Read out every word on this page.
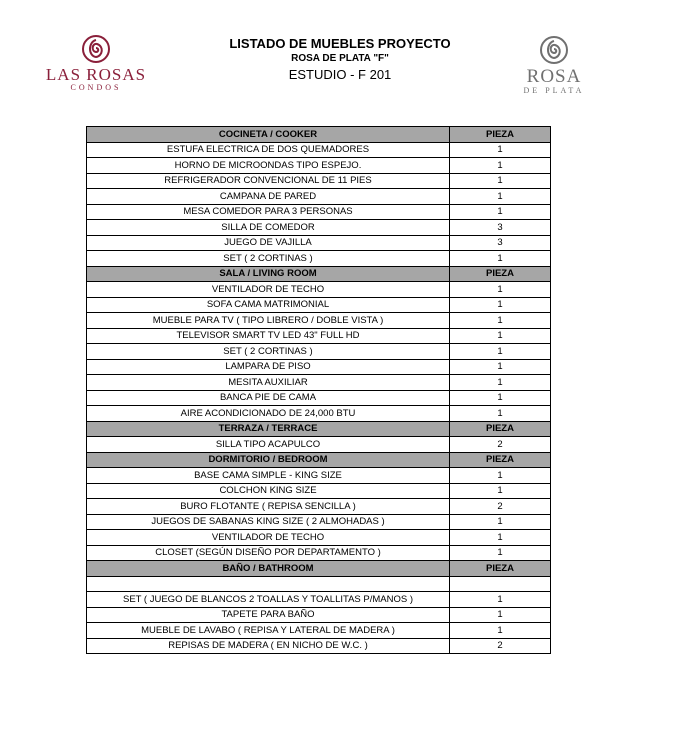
LAS ROSAS
CONDOS
LISTADO DE MUEBLES PROYECTO
ROSA DE PLATA "F"
ESTUDIO - F 201	ROSA
DE PLATA
COCINETA / COOKER	PIEZA
ESTUFA ELECTRICA DE DOS QUEMADORES	1
HORNO DE MICROONDAS TIPO ESPEJO.	1
REFRIGERADOR CONVENCIONAL DE 11 PIES	1
CAMPANA DE PARED	1
MESA COMEDOR PARA 3 PERSONAS	1
SILLA DE COMEDOR	3
JUEGO DE VAJILLA	3
SET ( 2 CORTINAS )	1
SALA / LIVING ROOM	PIEZA
VENTILADOR DE TECHO	1
SOFA CAMA MATRIMONIAL	1
MUEBLE PARA TV ( TIPO LIBRERO / DOBLE VISTA )	1
TELEVISOR SMART TV LED 43" FULL HD	1
SET ( 2 CORTINAS )	1
LAMPARA DE PISO	1
MESITA AUXILIAR	1
BANCA PIE DE CAMA	1
AIRE ACONDICIONADO DE 24,000 BTU	1
TERRAZA / TERRACE	PIEZA
SILLA TIPO ACAPULCO	2
DORMITORIO / BEDROOM	PIEZA
BASE CAMA SIMPLE - KING SIZE	1
COLCHON KING SIZE	1
BURO FLOTANTE ( REPISA SENCILLA )	2
JUEGOS DE SABANAS KING SIZE ( 2 ALMOHADAS )	1
VENTILADOR DE TECHO	1
CLOSET (SEGÚN DISEÑO POR DEPARTAMENTO )	1
BAÑO / BATHROOM	PIEZA

SET ( JUEGO DE BLANCOS 2 TOALLAS Y TOALLITAS P/MANOS )	1
TAPETE PARA BAÑO	1
MUEBLE DE LAVABO ( REPISA Y LATERAL DE MADERA )	1
REPISAS DE MADERA ( EN NICHO DE W.C. )	2
